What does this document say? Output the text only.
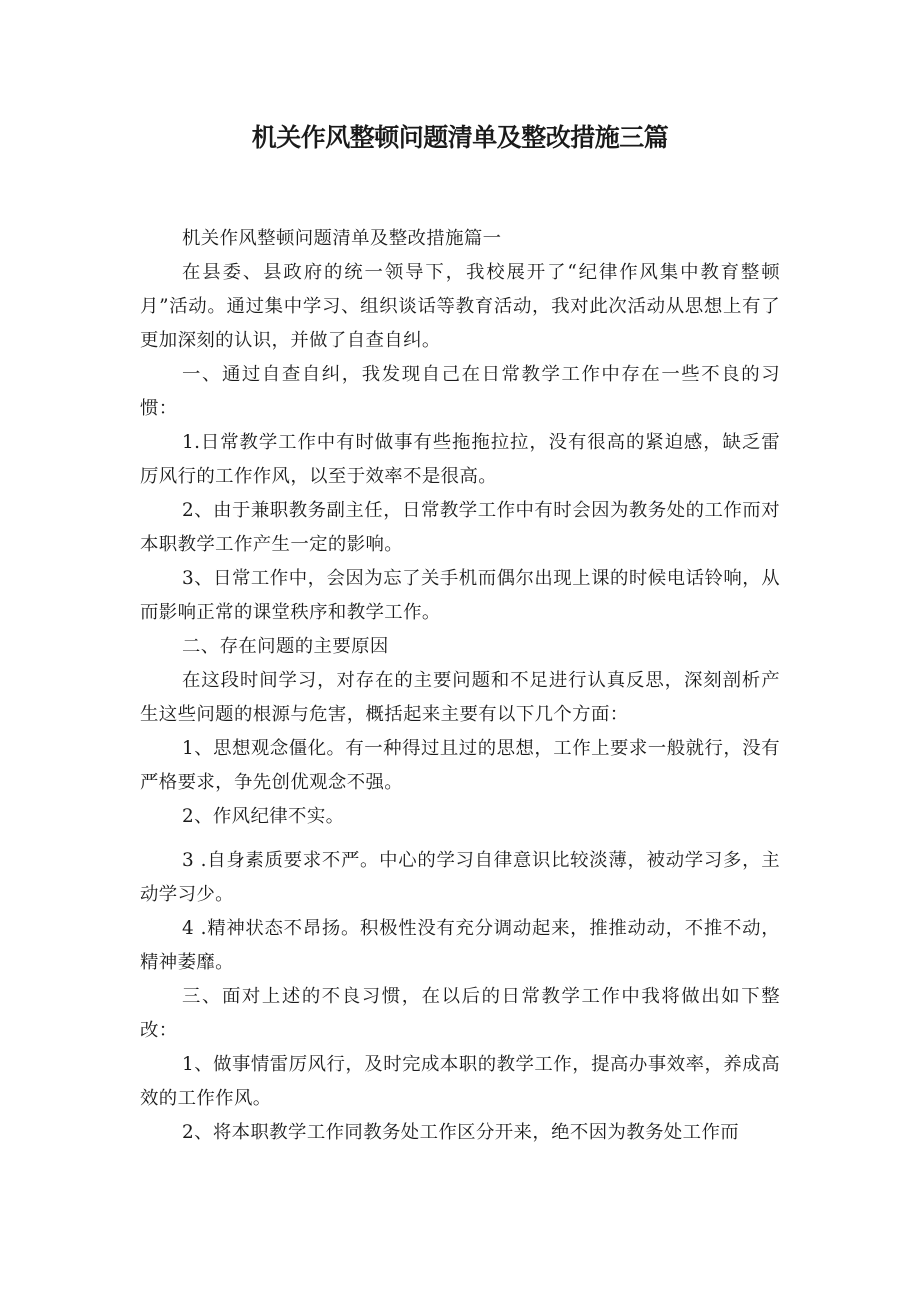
机关作风整顿问题清单及整改措施三篇

机关作风整顿问题清单及整改措施篇一

在县委、县政府的统一领导下，我校展开了“纪律作风集中教育整顿月”活动。通过集中学习、组织谈话等教育活动，我对此次活动从思想上有了更加深刻的认识，并做了自查自纠。

一、通过自查自纠，我发现自己在日常教学工作中存在一些不良的习惯：

1.日常教学工作中有时做事有些拖拖拉拉，没有很高的紧迫感，缺乏雷厉风行的工作作风，以至于效率不是很高。

2、由于兼职教务副主任，日常教学工作中有时会因为教务处的工作而对本职教学工作产生一定的影响。

3、日常工作中，会因为忘了关手机而偶尔出现上课的时候电话铃响，从而影响正常的课堂秩序和教学工作。

二、存在问题的主要原因

在这段时间学习，对存在的主要问题和不足进行认真反思，深刻剖析产生这些问题的根源与危害，概括起来主要有以下几个方面：

1、思想观念僵化。有一种得过且过的思想，工作上要求一般就行，没有严格要求，争先创优观念不强。

2、作风纪律不实。

3 .自身素质要求不严。中心的学习自律意识比较淡薄，被动学习多，主动学习少。

4 .精神状态不昂扬。积极性没有充分调动起来，推推动动，不推不动，精神萎靡。

三、面对上述的不良习惯，在以后的日常教学工作中我将做出如下整改：

1、做事情雷厉风行，及时完成本职的教学工作，提高办事效率，养成高效的工作作风。

2、将本职教学工作同教务处工作区分开来，绝不因为教务处工作而
